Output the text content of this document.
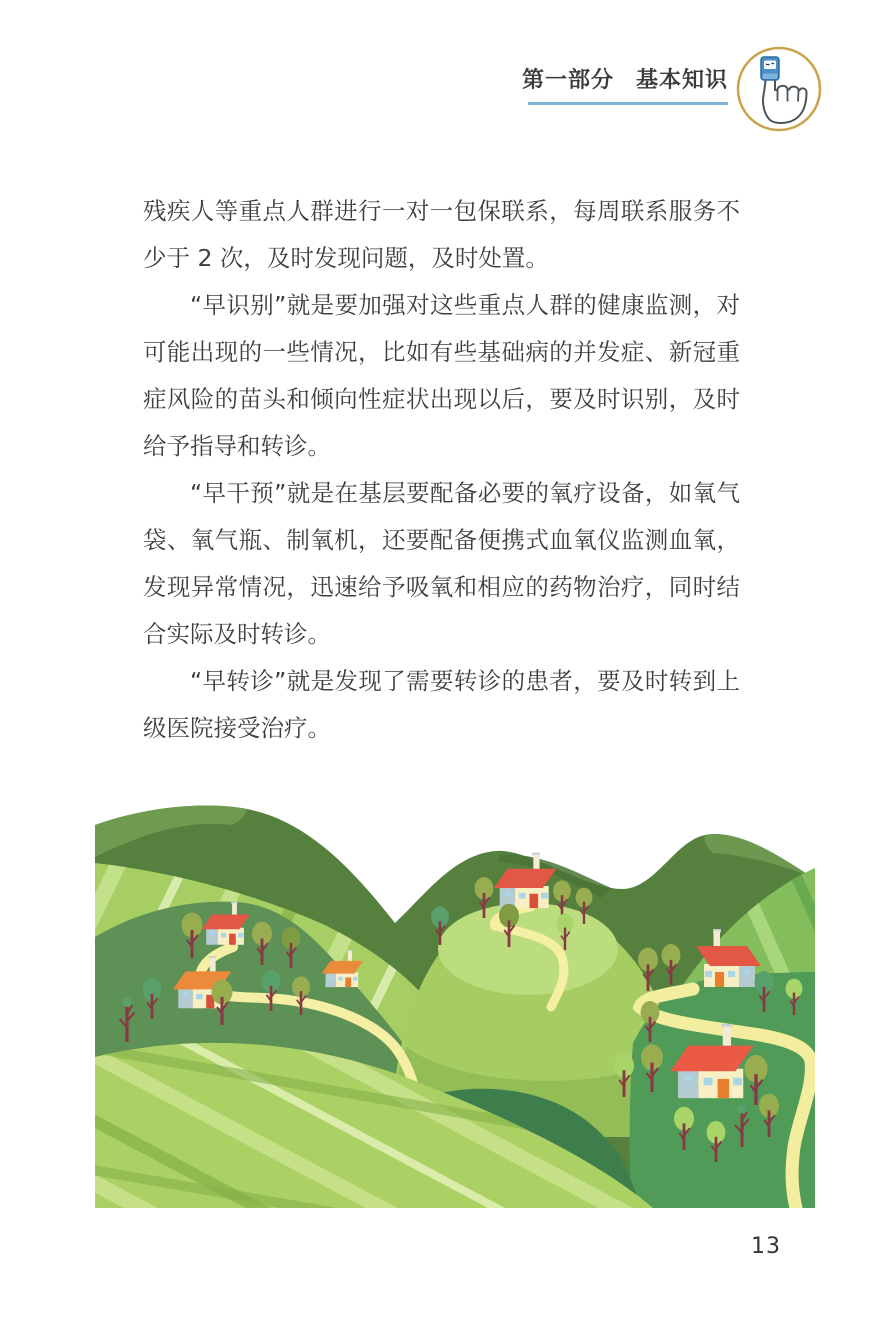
第一部分 基本知识

残疾人等重点人群进行一对一包保联系，每周联系服务不少于 2 次，及时发现问题，及时处置。

“早识别”就是要加强对这些重点人群的健康监测，对可能出现的一些情况，比如有些基础病的并发症、新冠重症风险的苗头和倾向性症状出现以后，要及时识别，及时给予指导和转诊。

“早干预”就是在基层要配备必要的氧疗设备，如氧气袋、氧气瓶、制氧机，还要配备便携式血氧仪监测血氧，发现异常情况，迅速给予吸氧和相应的药物治疗，同时结合实际及时转诊。

“早转诊”就是发现了需要转诊的患者，要及时转到上级医院接受治疗。

13
